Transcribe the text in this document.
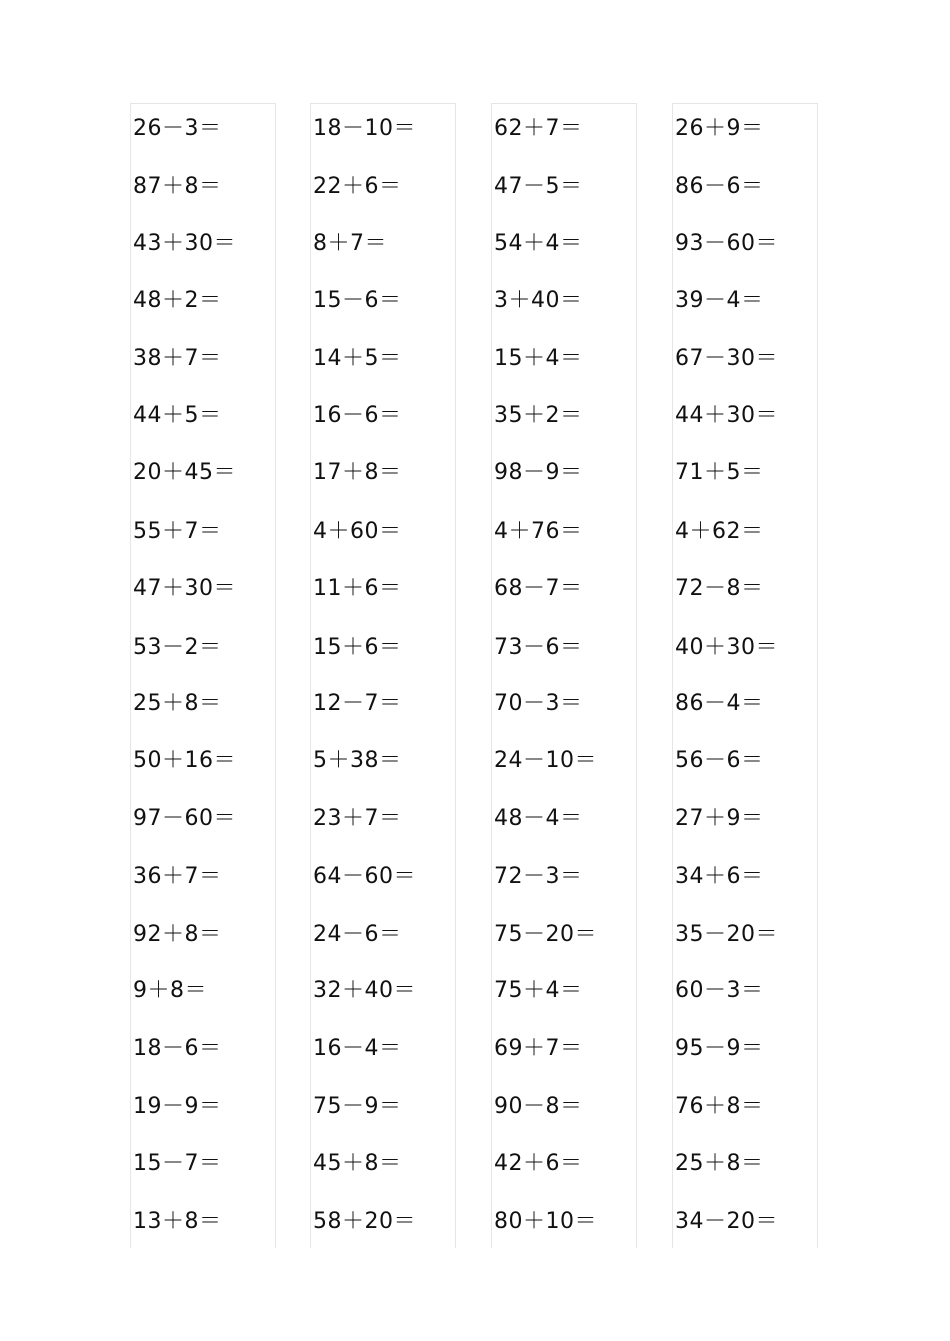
26－3＝
87＋8＝
43＋30＝
48＋2＝
38＋7＝
44＋5＝
20＋45＝
55＋7＝
47＋30＝
53－2＝
25＋8＝
50＋16＝
97－60＝
36＋7＝
92＋8＝
9＋8＝
18－6＝
19－9＝
15－7＝
13＋8＝
18－10＝
22＋6＝
8＋7＝
15－6＝
14＋5＝
16－6＝
17＋8＝
4＋60＝
11＋6＝
15＋6＝
12－7＝
5＋38＝
23＋7＝
64－60＝
24－6＝
32＋40＝
16－4＝
75－9＝
45＋8＝
58＋20＝
62＋7＝
47－5＝
54＋4＝
3＋40＝
15＋4＝
35＋2＝
98－9＝
4＋76＝
68－7＝
73－6＝
70－3＝
24－10＝
48－4＝
72－3＝
75－20＝
75＋4＝
69＋7＝
90－8＝
42＋6＝
80＋10＝
26＋9＝
86－6＝
93－60＝
39－4＝
67－30＝
44＋30＝
71＋5＝
4＋62＝
72－8＝
40＋30＝
86－4＝
56－6＝
27＋9＝
34＋6＝
35－20＝
60－3＝
95－9＝
76＋8＝
25＋8＝
34－20＝
